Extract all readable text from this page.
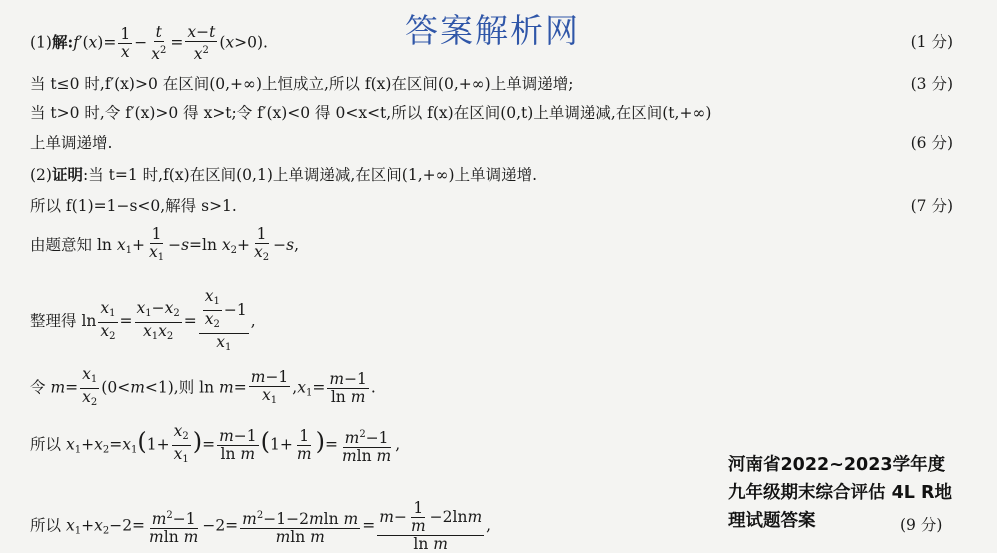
答案解析网
(1)解:f′(x)= $\frac{1}{x} - \frac{t}{x^2} = \frac{x-t}{x^2} (x>0)$.	(1 分)
当 t≤0 时,f′(x)>0 在区间(0,+∞)上恒成立,所以 f(x)在区间(0,+∞)上单调递增;	(3 分)
当 t>0 时,令 f′(x)>0 得 x>t;令 f′(x)<0 得 0<x<t,所以 f(x)在区间(0,t)上单调递减,在区间(t,+∞)
上单调递增.	(6 分)
(2)证明:当 t=1 时,f(x)在区间(0,1)上单调递减,在区间(1,+∞)上单调递增.
所以 f(1)=1−s<0,解得 s>1.	(7 分)
由题意知 $\ln x_1+ \frac{1}{x_1} -s=\ln$ $x_2+ \frac{1}{x_2} -s$,
整理得 $\ln \frac{x_1}{x_2} = \frac{x_1-x_2}{x_1x_2} = x_1$
$x_2$
−1
$x_1$ ,
令 $m= \frac{x_1}{x_2} (0<m<1)$,则 $\ln m= \frac{m-1}{x_1} ,x_1= \frac{m-1}{\text{ln m}}$ .
所以 $x_1+x_2=x_1(1+ \frac{x_2}{x_1}$ )= $\frac{m-1}{\text{ln m}} (1+ \frac{1}{m}$ )= $\frac{m^2-1}{\text{mln m}}$ ,
所以 $x_1+x_2-2= \frac{m^2-1}{\text{mln m}} -2= \frac{m^2-1-2mln m}{\text{mln m}} = m - 1$
m −2ln m
ln m ,
河南省2022~2023学年度
九年级期末综合评估 4L R地
理试题答案	(9 分)
